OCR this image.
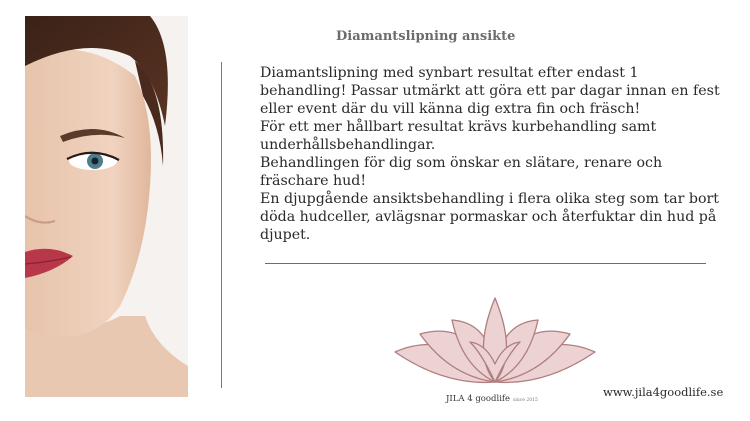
Diamantslipning ansikte

Diamantslipning med synbart resultat efter endast 1 behandling! Passar utmärkt att göra ett par dagar innan en fest eller event där du vill känna dig extra fin och fräsch!

För ett mer hållbart resultat krävs kurbehandling samt underhållsbehandlingar.

Behandlingen för dig som önskar en slätare, renare och fräschare hud!

En djupgående ansiktsbehandling i flera olika steg som tar bort döda hudceller, avlägsnar pormaskar och återfuktar din hud på djupet.

JILA 4 goodlife since 2015
www.jila4goodlife.se
